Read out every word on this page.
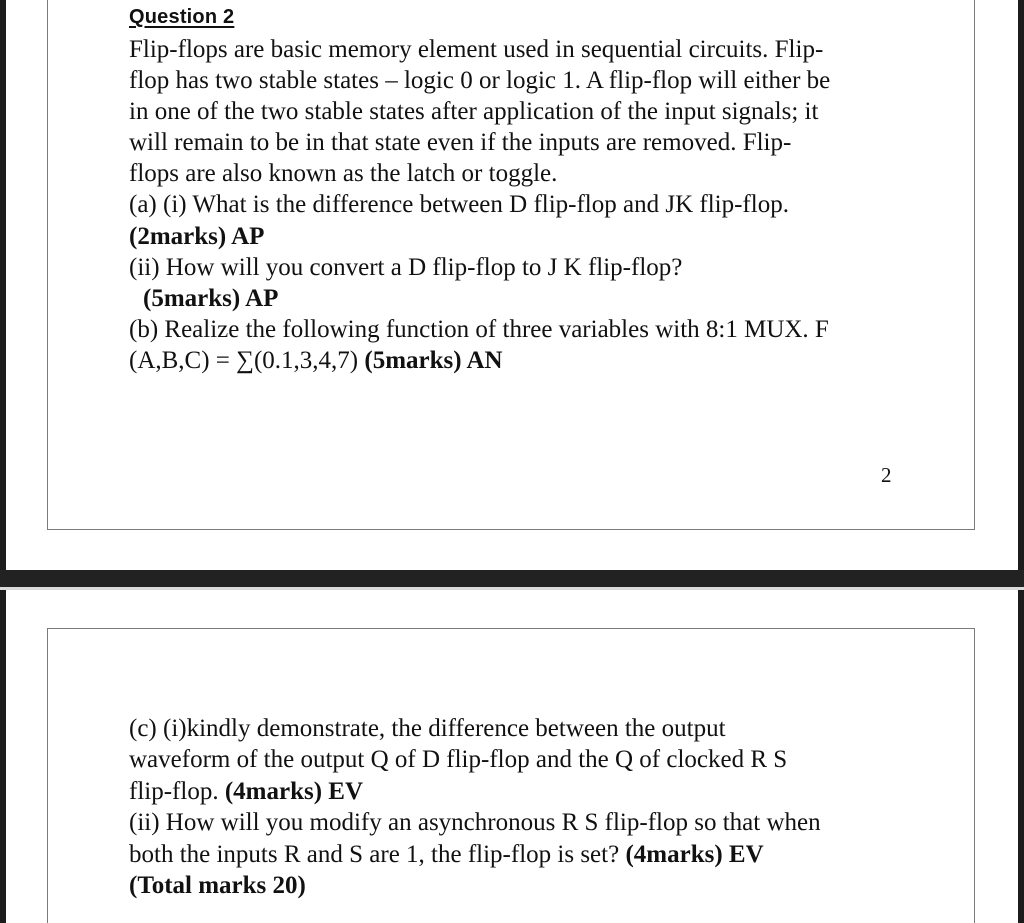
Question 2
Flip-flops are basic memory element used in sequential circuits. Flip-
flop has two stable states – logic 0 or logic 1. A flip-flop will either be
in one of the two stable states after application of the input signals; it
will remain to be in that state even if the inputs are removed. Flip-
flops are also known as the latch or toggle.
(a) (i) What is the difference between D flip-flop and JK flip-flop.
(2marks) AP
(ii) How will you convert a D flip-flop to J K flip-flop?
(5marks) AP
(b) Realize the following function of three variables with 8:1 MUX. F
(A,B,C) = ∑(0.1,3,4,7) (5marks) AN
2
(c) (i)kindly demonstrate, the difference between the output
waveform of the output Q of D flip-flop and the Q of clocked R S
flip-flop. (4marks) EV
(ii) How will you modify an asynchronous R S flip-flop so that when
both the inputs R and S are 1, the flip-flop is set? (4marks) EV
(Total marks 20)
